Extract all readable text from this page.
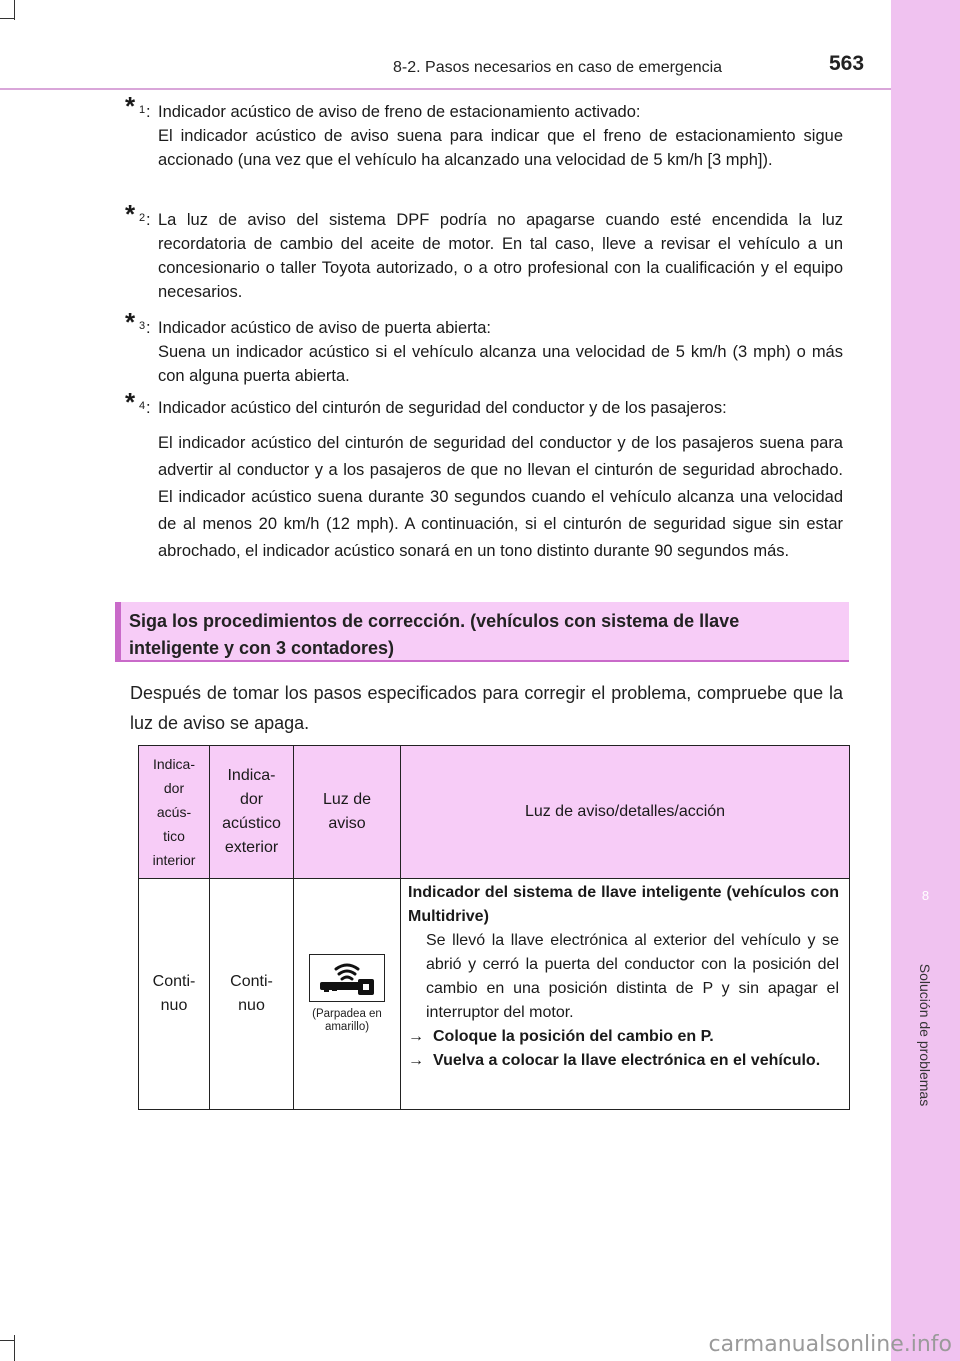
8
Solución de problemas
8-2. Pasos necesarios en caso de emergencia	563
* 1 : Indicador acústico de aviso de freno de estacionamiento activado:

El indicador acústico de aviso suena para indicar que el freno de estacionamiento sigue accionado (una vez que el vehículo ha alcanzado una velocidad de 5 km/h [3 mph]).

* 2 : La luz de aviso del sistema DPF podría no apagarse cuando esté encendida la luz recordatoria de cambio del aceite de motor. En tal caso, lleve a revisar el vehículo a un concesionario o taller Toyota autorizado, o a otro profesional con la cualificación y el equipo necesarios.

* 3 : Indicador acústico de aviso de puerta abierta:

Suena un indicador acústico si el vehículo alcanza una velocidad de 5 km/h (3 mph) o más con alguna puerta abierta.

* 4 : Indicador acústico del cinturón de seguridad del conductor y de los pasajeros:

El indicador acústico del cinturón de seguridad del conductor y de los pasajeros suena para advertir al conductor y a los pasajeros de que no llevan el cinturón de seguridad abrochado. El indicador acústico suena durante 30 segundos cuando el vehículo alcanza una velocidad de al menos 20 km/h (12 mph). A continuación, si el cinturón de seguridad sigue sin estar abrochado, el indicador acústico sonará en un tono distinto durante 90 segundos más.

Siga los procedimientos de corrección. (vehículos con sistema de llave
inteligente y con 3 contadores)
Después de tomar los pasos especificados para corregir el problema, compruebe que la luz de aviso se apaga.
Indica-dor acús-tico interior	Indica-dor acústico exterior	Luz de aviso	Luz de aviso/detalles/acción

Conti-nuo	Conti-nuo	(Parpadea en amarillo)	Indicador del sistema de llave inteligente (vehículos con Multidrive)
Se llevó la llave electrónica al exterior del vehículo y se abrió y cerró la puerta del conductor con la posición del cambio en una posición distinta de P y sin apagar el interruptor del motor.
→ Coloque la posición del cambio en P.
→ Vuelva a colocar la llave electrónica en el vehículo.
carmanualsonline.info
